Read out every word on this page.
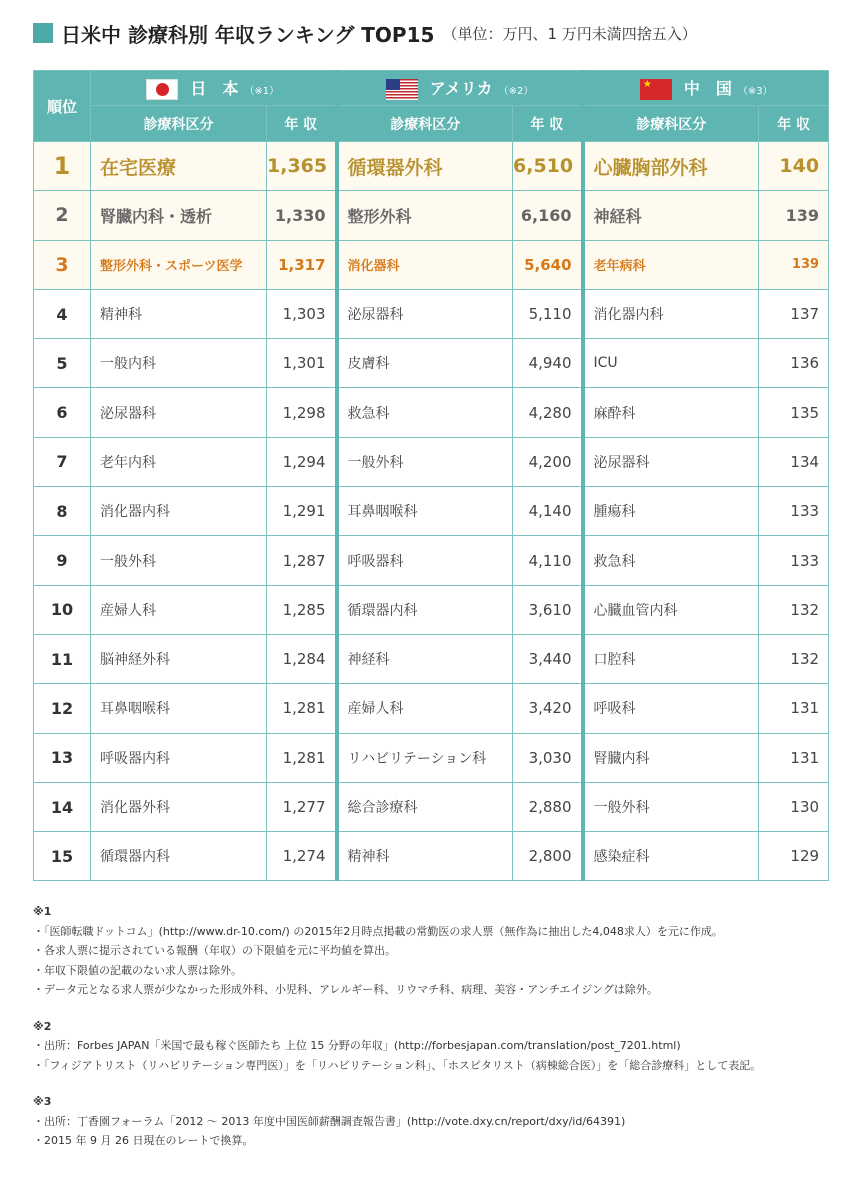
日米中 診療科別 年収ランキング TOP15 （単位：万円、1 万円未満四捨五入）
順位	日　本 （※1）		アメリカ （※2）		★ 中　国 （※3）	
	診療科区分	年 収	診療科区分	年 収	診療科区分	年 収
1	在宅医療	1,365	循環器外科	6,510	心臓胸部外科	140
2	腎臓内科・透析	1,330	整形外科	6,160	神経科	139
3	整形外科・スポーツ医学	1,317	消化器科	5,640	老年病科	139
4	精神科	1,303	泌尿器科	5,110	消化器内科	137
5	一般内科	1,301	皮膚科	4,940	ICU	136
6	泌尿器科	1,298	救急科	4,280	麻酔科	135
7	老年内科	1,294	一般外科	4,200	泌尿器科	134
8	消化器内科	1,291	耳鼻咽喉科	4,140	腫瘍科	133
9	一般外科	1,287	呼吸器科	4,110	救急科	133
10	産婦人科	1,285	循環器内科	3,610	心臓血管内科	132
11	脳神経外科	1,284	神経科	3,440	口腔科	132
12	耳鼻咽喉科	1,281	産婦人科	3,420	呼吸科	131
13	呼吸器内科	1,281	リハビリテーション科	3,030	腎臓内科	131
14	消化器外科	1,277	総合診療科	2,880	一般外科	130
15	循環器内科	1,274	精神科	2,800	感染症科	129
※1
・「医師転職ドットコム」(http://www.dr-10.com/) の2015年2月時点掲載の常勤医の求人票（無作為に抽出した4,048求人）を元に作成。
・各求人票に提示されている報酬（年収）の下限値を元に平均値を算出。
・年収下限値の記載のない求人票は除外。
・データ元となる求人票が少なかった形成外科、小児科、アレルギー科、リウマチ科、病理、美容・アンチエイジングは除外。
※2
・出所：Forbes JAPAN「米国で最も稼ぐ医師たち 上位 15 分野の年収」(http://forbesjapan.com/translation/post_7201.html)
・「フィジアトリスト（リハビリテーション専門医）」を「リハビリテーション科」、「ホスピタリスト（病棟総合医）」を「総合診療科」として表記。
※3
・出所：丁香園フォーラム「2012 〜 2013 年度中国医師薪酬調査報告書」(http://vote.dxy.cn/report/dxy/id/64391)
・2015 年 9 月 26 日現在のレートで換算。
